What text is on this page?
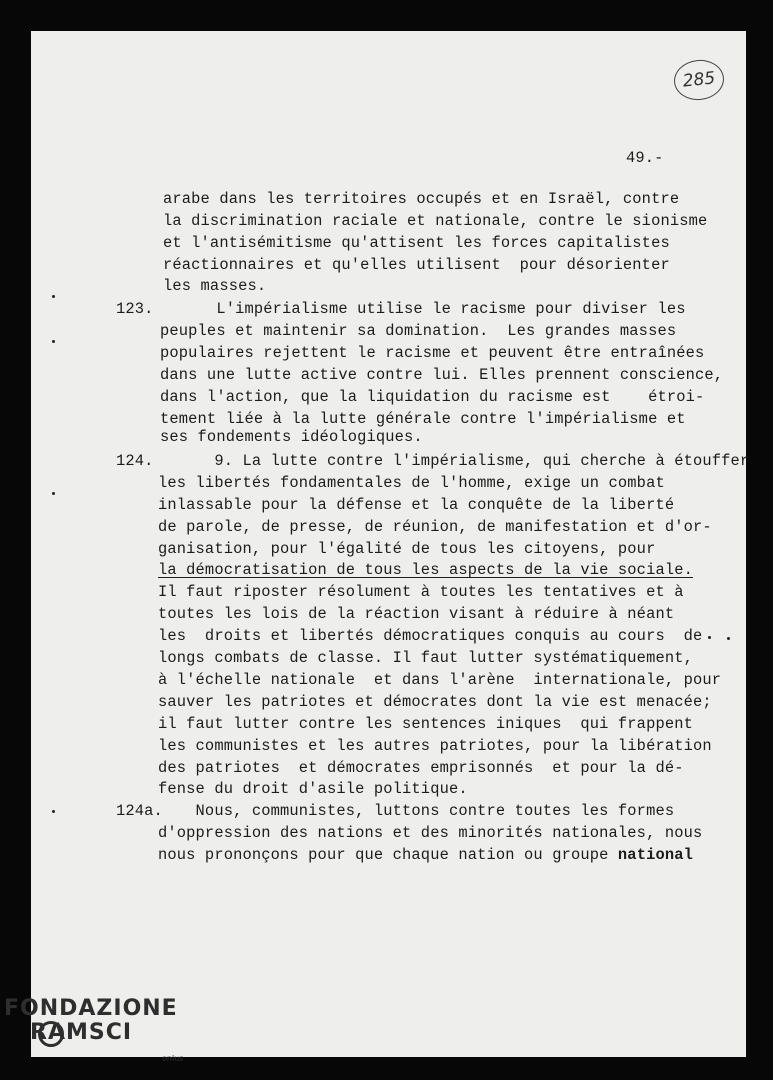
285
49.-
arabe dans les territoires occupés et en Israël, contre
la discrimination raciale et nationale, contre le sionisme
et l'antisémitisme qu'attisent les forces capitalistes
réactionnaires et qu'elles utilisent  pour désorienter
les masses.
123. L'impérialisme utilise le racisme pour diviser les
peuples et maintenir sa domination.  Les grandes masses
populaires rejettent le racisme et peuvent être entraînées
dans une lutte active contre lui. Elles prennent conscience,
dans l'action, que la liquidation du racisme est    étroi-
tement liée à la lutte générale contre l'impérialisme et
ses fondements idéologiques.
124. 9. La lutte contre l'impérialisme, qui cherche à étouffer
les libertés fondamentales de l'homme, exige un combat
inlassable pour la défense et la conquête de la liberté
de parole, de presse, de réunion, de manifestation et d'or-
ganisation, pour l'égalité de tous les citoyens, pour
la démocratisation de tous les aspects de la vie sociale.
Il faut riposter résolument à toutes les tentatives et à
toutes les lois de la réaction visant à réduire à néant
les  droits et libertés démocratiques conquis au cours  de
longs combats de classe. Il faut lutter systématiquement,
à l'échelle nationale  et dans l'arène  internationale, pour
sauver les patriotes et démocrates dont la vie est menacée;
il faut lutter contre les sentences iniques  qui frappent
les communistes et les autres patriotes, pour la libération
des patriotes  et démocrates emprisonnés  et pour la dé-
fense du droit d'asile politique.
124a.
Nous, communistes, luttons contre toutes les formes
d'oppression des nations et des minorités nationales, nous
nous prononçons pour que chaque nation ou groupe national
FONDAZIONE
RAMSCI
onlus
